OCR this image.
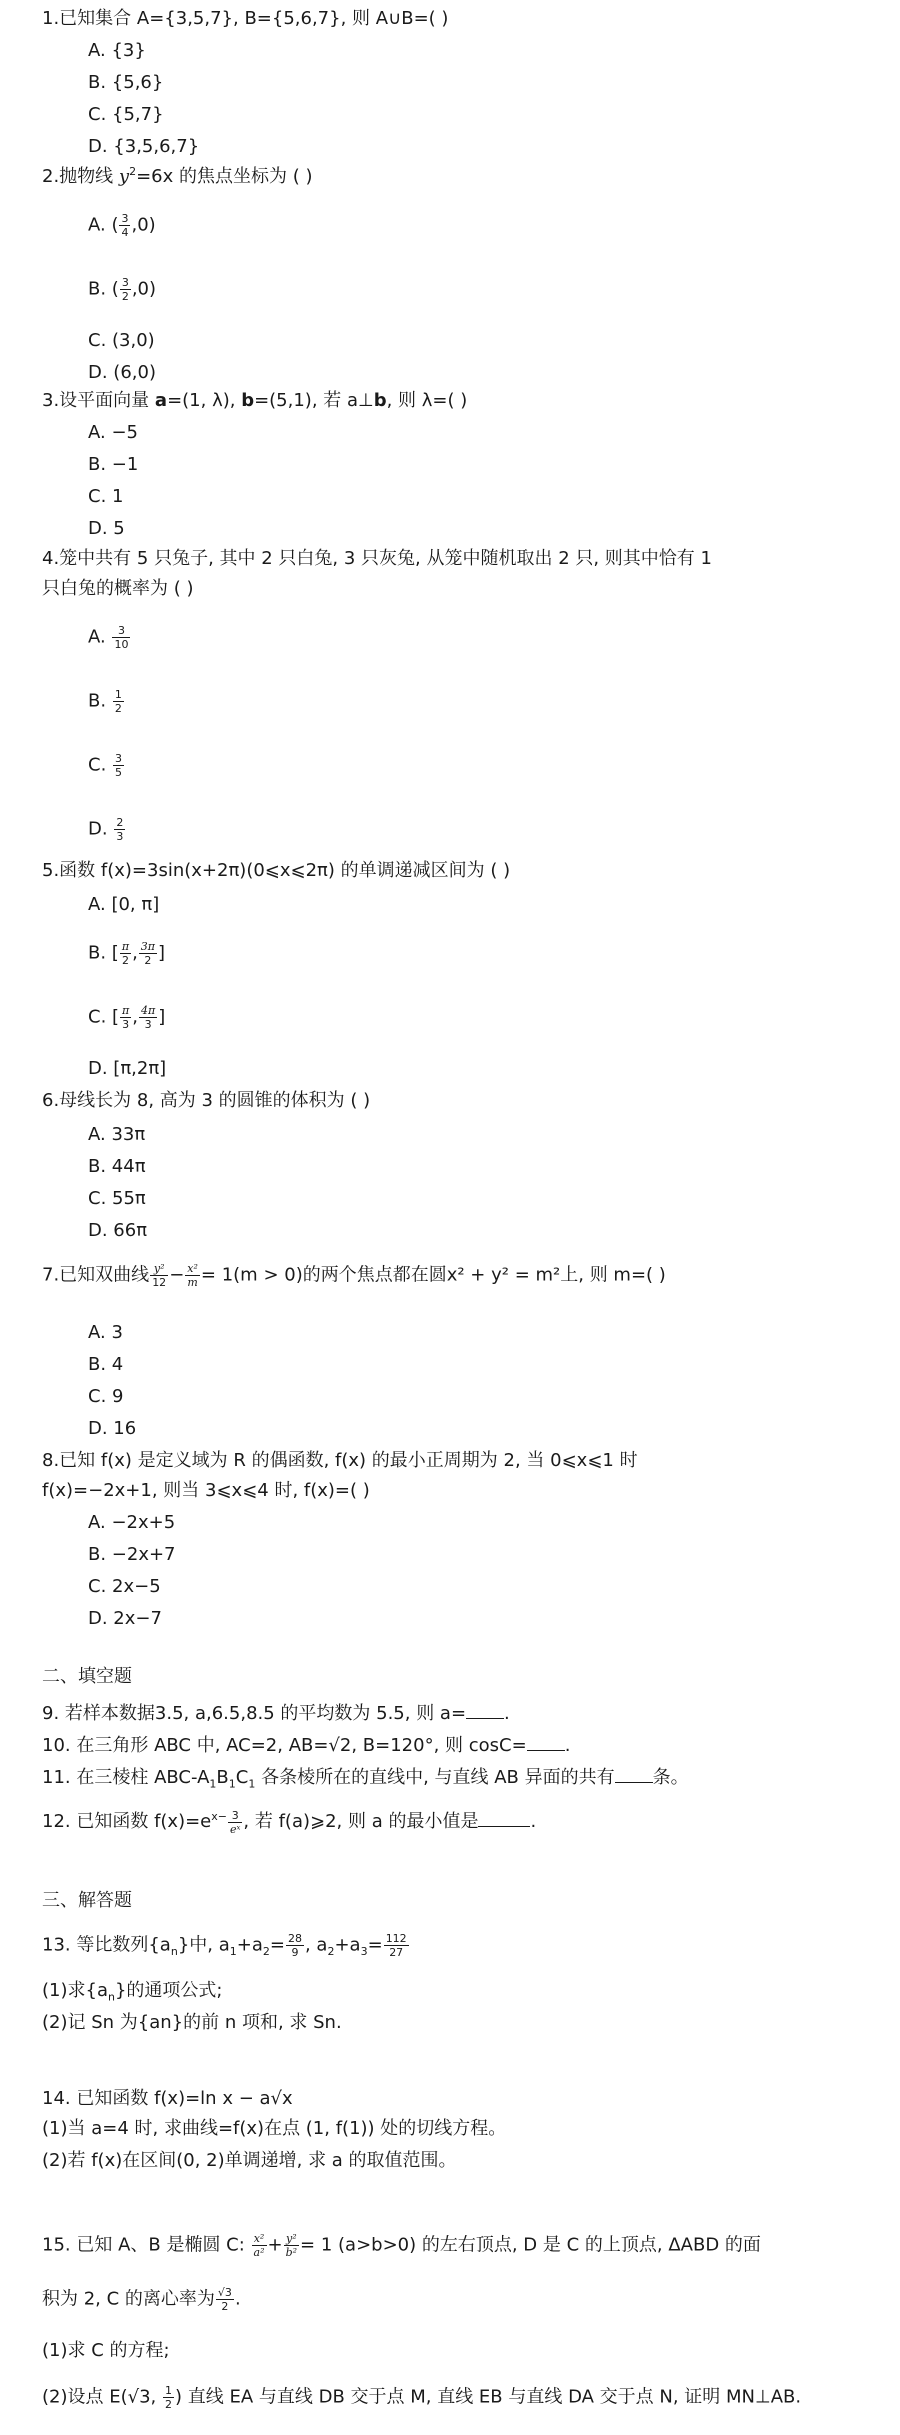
1.已知集合 A={3,5,7}, B={5,6,7}, 则 A∪B=( )
A. {3}
B. {5,6}
C. {5,7}
D. {3,5,6,7}
2.抛物线 $y^2=6x$ 的焦点坐标为 ( )
A. ( $\frac{3}{4} ,0$)
B. ( $\frac{3}{2} ,0$)
C. (3,0)
D. (6,0)
3.设平面向量 a=(1, λ), b=(5,1), 若 a⊥b, 则 λ=( )
A. −5
B. −1
C. 1
D. 5
4.笼中共有 5 只兔子, 其中 2 只白兔, 3 只灰兔, 从笼中随机取出 2 只, 则其中恰有 1
只白兔的概率为 ( )
A. $\frac{3}{10}$
B. $\frac{1}{2}$
C. $\frac{3}{5}$
D. $\frac{2}{3}$
5.函数 f(x)=3sin(x+2π)(0⩽x⩽2π) 的单调递减区间为 ( )
A. [0, π]
B. [ $\frac{\pi}{2}$ , $\frac{3\pi}{2}$ ]
C. [ $\frac{\pi}{3}$ , $\frac{4\pi}{3}$ ]
D. [π,2π]
6.母线长为 8, 高为 3 的圆锥的体积为 ( )
A. 33π
B. 44π
C. 55π
D. 66π
7.已知双曲线 $\frac{\text{y²}}{12} - \frac{\text{x²}}{m} = 1(m > 0)$的两个焦点都在圆x² + y² = m²上, 则 m=( )
A. 3
B. 4
C. 9
D. 16
8.已知 f(x) 是定义域为 R 的偶函数, f(x) 的最小正周期为 2, 当 0⩽x⩽1 时
f(x)=−2x+1, 则当 3⩽x⩽4 时, f(x)=( )
A. −2x+5
B. −2x+7
C. 2x−5
D. 2x−7
二、填空题
9. 若样本数据3.5, a,6.5,8.5 的平均数为 5.5, 则 a= .
10. 在三角形 ABC 中, AC=2, AB=√2, B=120°, 则 cosC= .
11. 在三棱柱 ABC-$A_1B_1C_1$ 各条棱所在的直线中, 与直线 AB 异面的共有 条。
12. 已知函数 $f(x)=e^{x-} \frac{3}{\text{eˣ}}$ , 若 f(a)⩾2, 则 a 的最小值是	.
三、解答题
13. 等比数列$\{a_n\}$中, $a_1+a_2= \frac{28}{9}$ , $a_2+a_3= \frac{112}{27}$
(1)求$\{a_n\}$的通项公式;
(2)记 Sn 为{an}的前 n 项和, 求 Sn.
14. 已知函数 f(x)=ln x − a√x
(1)当 a=4 时, 求曲线=f(x)在点 (1, f(1)) 处的切线方程。
(2)若 f(x)在区间(0, 2)单调递增, 求 a 的取值范围。
15. 已知 A、B 是椭圆 C: $\frac{\text{x²}}{\text{a²}} + \frac{\text{y²}}{\text{b²}} = 1$ (a>b>0) 的左右顶点, D 是 C 的上顶点, ΔABD 的面
积为 2, C 的离心率为 $\frac{√3}{2}$ .
(1)求 C 的方程;
(2)设点 E(√3, $\frac{1}{2}$ ) 直线 EA 与直线 DB 交于点 M, 直线 EB 与直线 DA 交于点 N, 证明 MN⊥AB.
